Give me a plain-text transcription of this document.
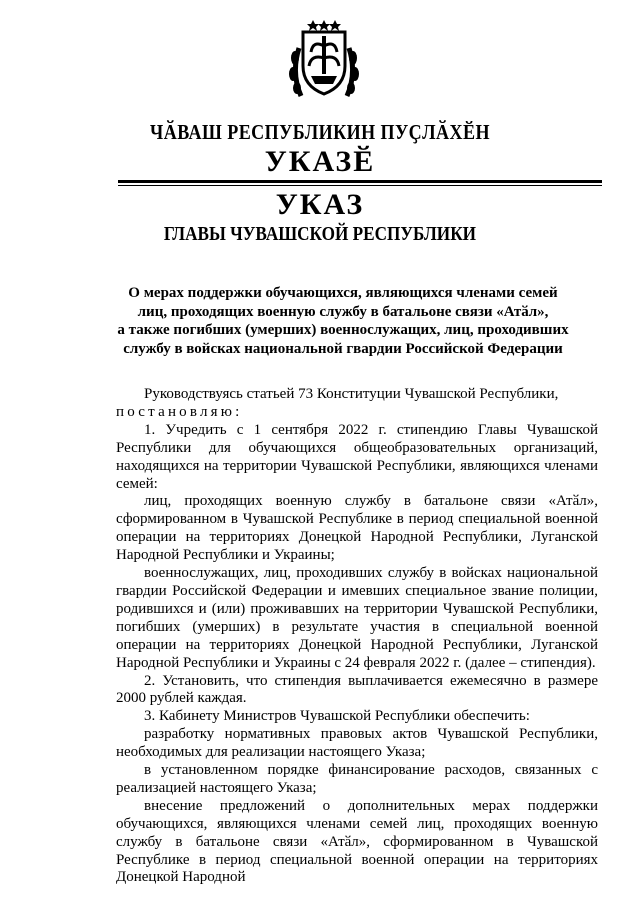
ЧӐВАШ РЕСПУБЛИКИН ПУҪЛӐХӖН
УКАЗӖ
УКАЗ
ГЛАВЫ ЧУВАШСКОЙ РЕСПУБЛИКИ
О мерах поддержки обучающихся, являющихся членами семей
лиц, проходящих военную службу в батальоне связи «Атӑл»,
а также погибших (умерших) военнослужащих, лиц, проходивших
службу в войсках национальной гвардии Российской Федерации

Руководствуясь статьей 73 Конституции Чувашской Республики,

постановляю:

1. Учредить с 1 сентября 2022 г. стипендию Главы Чувашской Республики для обучающихся общеобразовательных организаций, находящихся на территории Чувашской Республики, являющихся членами семей:

лиц, проходящих военную службу в батальоне связи «Атӑл», сформированном в Чувашской Республике в период специальной военной операции на территориях Донецкой Народной Республики, Луганской Народной Республики и Украины;

военнослужащих, лиц, проходивших службу в войсках национальной гвардии Российской Федерации и имевших специальное звание полиции, родившихся и (или) проживавших на территории Чувашской Республики, погибших (умерших) в результате участия в специальной военной операции на территориях Донецкой Народной Республики, Луганской Народной Республики и Украины с 24 февраля 2022 г. (далее – стипендия).

2. Установить, что стипендия выплачивается ежемесячно в размере 2000 рублей каждая.

3. Кабинету Министров Чувашской Республики обеспечить:

разработку нормативных правовых актов Чувашской Республики, необходимых для реализации настоящего Указа;

в установленном порядке финансирование расходов, связанных с реализацией настоящего Указа;

внесение предложений о дополнительных мерах поддержки обучающихся, являющихся членами семей лиц, проходящих военную службу в батальоне связи «Атӑл», сформированном в Чувашской Республике в период специальной военной операции на территориях Донецкой Народной
